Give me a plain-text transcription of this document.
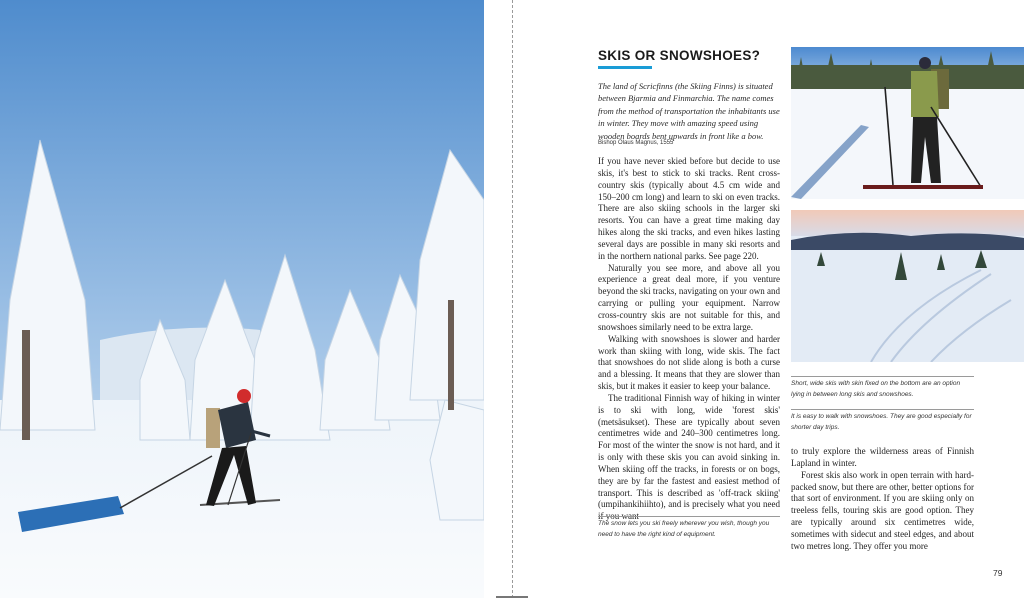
SKIS OR SNOWSHOES?

The land of Scricfinns (the Skiing Finns) is situated between Bjarmia and Finmarchia. The name comes from the method of transportation the inhabitants use in winter. They move with amazing speed using wooden boards bent upwards in front like a bow.

Bishop Olaus Magnus, 1555

If you have never skied before but decide to use skis, it's best to stick to ski tracks. Rent cross-country skis (typically about 4.5 cm wide and 150–200 cm long) and learn to ski on even tracks. There are also skiing schools in the larger ski resorts. You can have a great time making day hikes along the ski tracks, and even hikes lasting several days are possible in many ski resorts and in the northern national parks. See page 220.

Naturally you see more, and above all you experience a great deal more, if you venture beyond the ski tracks, navigating on your own and carrying or pulling your equipment. Narrow cross-country skis are not suitable for this, and snowshoes similarly need to be extra large.

Walking with snowshoes is slower and harder work than skiing with long, wide skis. The fact that snowshoes do not slide along is both a curse and a blessing. It means that they are slower than skis, but it makes it easier to keep your balance.

The traditional Finnish way of hiking in winter is to ski with long, wide 'forest skis' (metsäsukset). These are typically about seven centimetres wide and 240–300 centimetres long. For most of the winter the snow is not hard, and it is only with these skis you can avoid sinking in. When skiing off the tracks, in forests or on bogs, they are by far the fastest and easiest method of transport. This is described as 'off-track skiing' (umpihankihiihto), and is precisely what you need if you want

The snow lets you ski freely wherever you wish, though you need to have the right kind of equipment.

Short, wide skis with skin fixed on the bottom are an option lying in between long skis and snowshoes.

It is easy to walk with snowshoes. They are good especially for shorter day trips.

to truly explore the wilderness areas of Finnish Lapland in winter.

Forest skis also work in open terrain with hard-packed snow, but there are other, better options for that sort of environment. If you are skiing only on treeless fells, touring skis are good option. They are typically around six centimetres wide, sometimes with sidecut and steel edges, and about two metres long. They offer you more

79
